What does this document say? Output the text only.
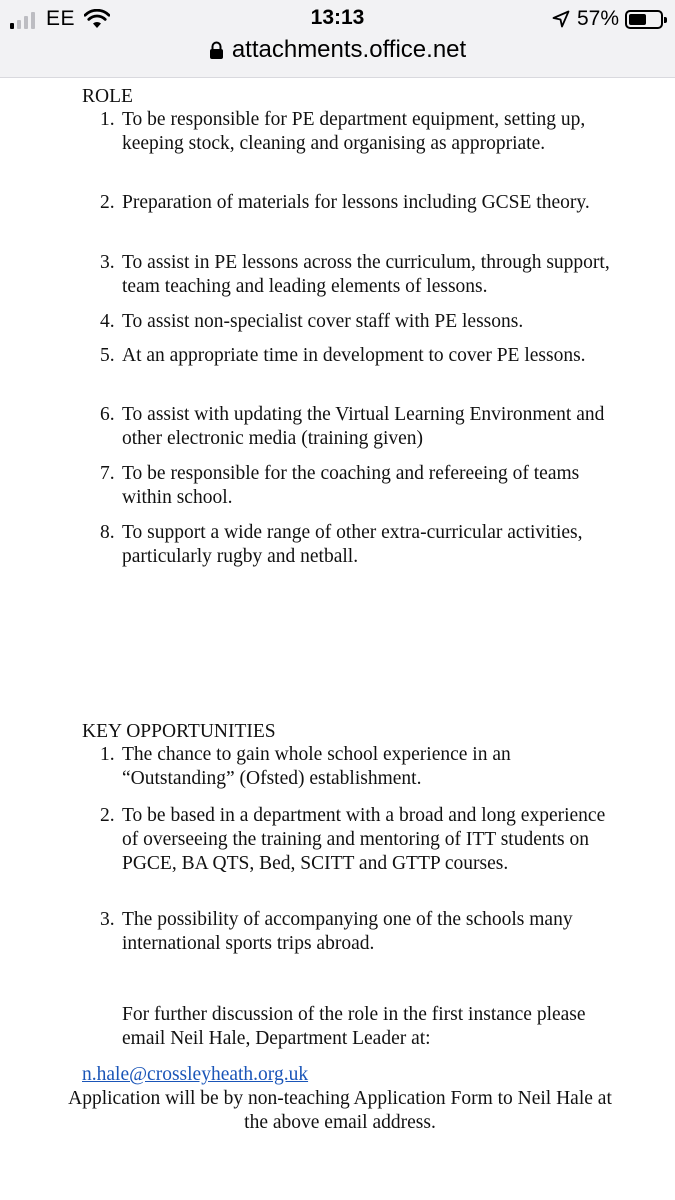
EE	13:13	57%
attachments.office.net
ROLE
1. To be responsible for PE department equipment, setting up, keeping stock, cleaning and organising as appropriate.
2. Preparation of materials for lessons including GCSE theory.
3. To assist in PE lessons across the curriculum, through support, team teaching and leading elements of lessons.
4. To assist non-specialist cover staff with PE lessons.
5. At an appropriate time in development to cover PE lessons.
6. To assist with updating the Virtual Learning Environment and other electronic media (training given)
7. To be responsible for the coaching and refereeing of teams within school.
8. To support a wide range of other extra-curricular activities, particularly rugby and netball.
KEY OPPORTUNITIES
1. The chance to gain whole school experience in an “Outstanding” (Ofsted) establishment.
2. To be based in a department with a broad and long experience of overseeing the training and mentoring of ITT students on PGCE, BA QTS, Bed, SCITT and GTTP courses.
3. The possibility of accompanying one of the schools many international sports trips abroad.
For further discussion of the role in the first instance please email Neil Hale, Department Leader at:
n.hale@crossleyheath.org.uk
Application will be by non-teaching Application Form to Neil Hale at the above email address.
